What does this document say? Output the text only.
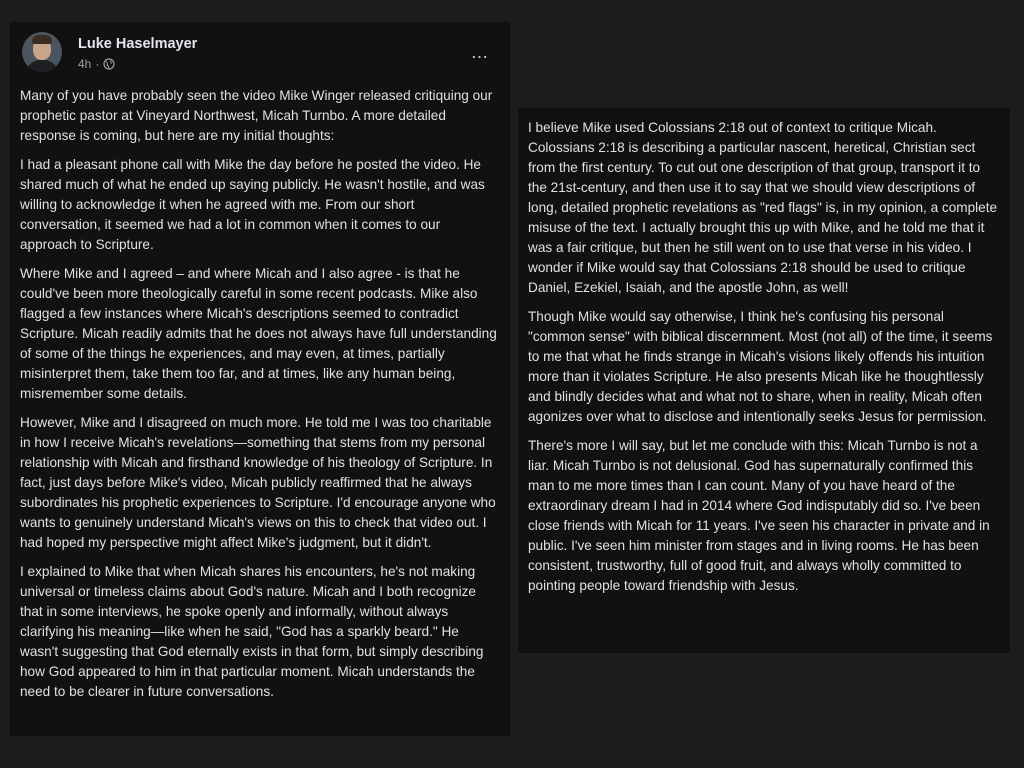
Luke Haselmayer
4h ·
…

Many of you have probably seen the video Mike Winger released critiquing our prophetic pastor at Vineyard Northwest, Micah Turnbo. A more detailed response is coming, but here are my initial thoughts:

I had a pleasant phone call with Mike the day before he posted the video. He shared much of what he ended up saying publicly. He wasn't hostile, and was willing to acknowledge it when he agreed with me. From our short conversation, it seemed we had a lot in common when it comes to our approach to Scripture.

Where Mike and I agreed – and where Micah and I also agree - is that he could've been more theologically careful in some recent podcasts. Mike also flagged a few instances where Micah's descriptions seemed to contradict Scripture. Micah readily admits that he does not always have full understanding of some of the things he experiences, and may even, at times, partially misinterpret them, take them too far, and at times, like any human being, misremember some details.

However, Mike and I disagreed on much more. He told me I was too charitable in how I receive Micah's revelations—something that stems from my personal relationship with Micah and firsthand knowledge of his theology of Scripture. In fact, just days before Mike's video, Micah publicly reaffirmed that he always subordinates his prophetic experiences to Scripture. I'd encourage anyone who wants to genuinely understand Micah's views on this to check that video out. I had hoped my perspective might affect Mike's judgment, but it didn't.

I explained to Mike that when Micah shares his encounters, he's not making universal or timeless claims about God's nature. Micah and I both recognize that in some interviews, he spoke openly and informally, without always clarifying his meaning—like when he said, "God has a sparkly beard." He wasn't suggesting that God eternally exists in that form, but simply describing how God appeared to him in that particular moment. Micah understands the need to be clearer in future conversations.

I believe Mike used Colossians 2:18 out of context to critique Micah. Colossians 2:18 is describing a particular nascent, heretical, Christian sect from the first century. To cut out one description of that group, transport it to the 21st-century, and then use it to say that we should view descriptions of long, detailed prophetic revelations as "red flags" is, in my opinion, a complete misuse of the text. I actually brought this up with Mike, and he told me that it was a fair critique, but then he still went on to use that verse in his video. I wonder if Mike would say that Colossians 2:18 should be used to critique Daniel, Ezekiel, Isaiah, and the apostle John, as well!

Though Mike would say otherwise, I think he's confusing his personal "common sense" with biblical discernment. Most (not all) of the time, it seems to me that what he finds strange in Micah's visions likely offends his intuition more than it violates Scripture. He also presents Micah like he thoughtlessly and blindly decides what and what not to share, when in reality, Micah often agonizes over what to disclose and intentionally seeks Jesus for permission.

There's more I will say, but let me conclude with this: Micah Turnbo is not a liar. Micah Turnbo is not delusional. God has supernaturally confirmed this man to me more times than I can count. Many of you have heard of the extraordinary dream I had in 2014 where God indisputably did so. I've been close friends with Micah for 11 years. I've seen his character in private and in public. I've seen him minister from stages and in living rooms. He has been consistent, trustworthy, full of good fruit, and always wholly committed to pointing people toward friendship with Jesus.
